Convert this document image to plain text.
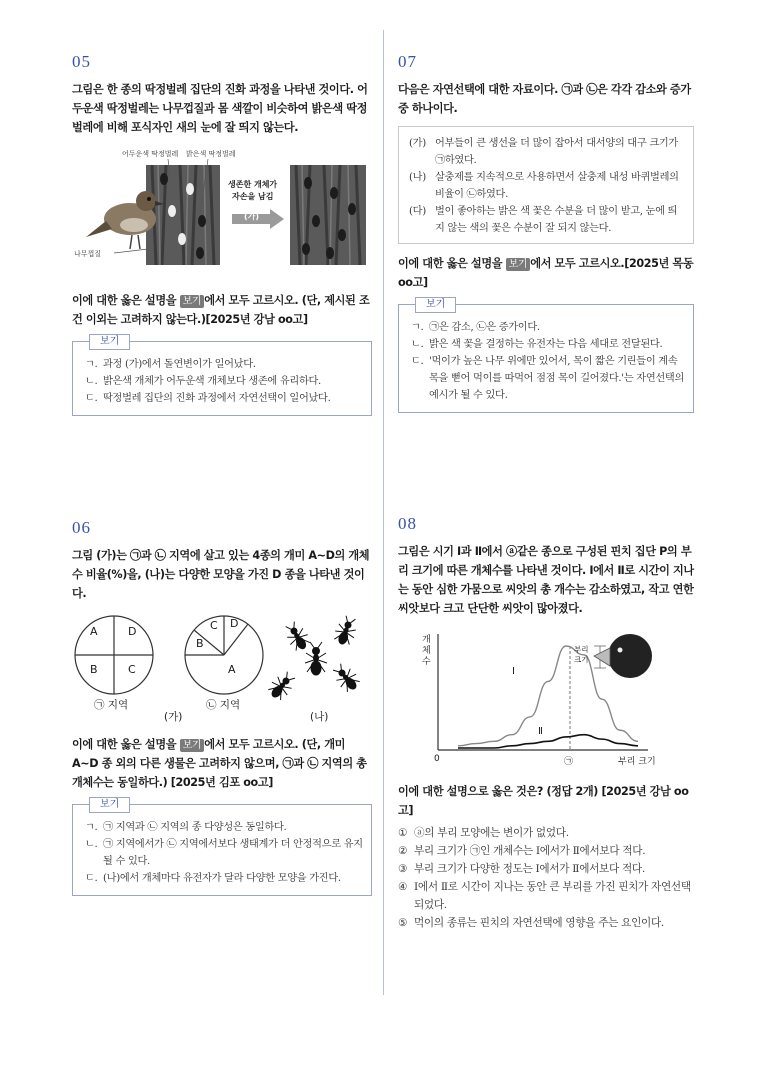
05
그림은 한 종의 딱정벌레 집단의 진화 과정을 나타낸 것이다. 어두운색 딱정벌레는 나무껍질과 몸 색깔이 비슷하여 밝은색 딱정벌레에 비해 포식자인 새의 눈에 잘 띄지 않는다.
어두운색 딱정벌레 밝은색 딱정벌레
나무껍질
생존한 개체가
자손을 남김
(가)
이에 대한 옳은 설명을 보기 에서 모두 고르시오. (단, 제시된 조건 이외는 고려하지 않는다.)[2025년 강남 oo고]
보기
ㄱ. 과정 (가)에서 돌연변이가 일어났다.
ㄴ. 밝은색 개체가 어두운색 개체보다 생존에 유리하다.
ㄷ. 딱정벌레 집단의 진화 과정에서 자연선택이 일어났다.
06
그림 (가)는 ㉠과 ㉡ 지역에 살고 있는 4종의 개미 A~D의 개체수 비율(%)을, (나)는 다양한 모양을 가진 D 종을 나타낸 것이다.
A	D
B	C
C D
B
A
㉠ 지역	㉡ 지역
(가)	(나)
이에 대한 옳은 설명을 보기 에서 모두 고르시오. (단, 개미 A~D 종 외의 다른 생물은 고려하지 않으며, ㉠과 ㉡ 지역의 총 개체수는 동일하다.) [2025년 김포 oo고]
보기
ㄱ. ㉠ 지역과 ㉡ 지역의 종 다양성은 동일하다.
ㄴ. ㉠ 지역에서가 ㉡ 지역에서보다 생태계가 더 안정적으로 유지될 수 있다.
ㄷ. (나)에서 개체마다 유전자가 달라 다양한 모양을 가진다.
07
다음은 자연선택에 대한 자료이다. ㉠과 ㉡은 각각 감소와 증가 중 하나이다.
(가) 어부들이 큰 생선을 더 많이 잡아서 대서양의 대구 크기가 ㉠하였다.
(나) 살충제를 지속적으로 사용하면서 살충제 내성 바퀴벌레의 비율이 ㉡하였다.
(다) 벌이 좋아하는 밝은 색 꽃은 수분을 더 많이 받고, 눈에 띄지 않는 색의 꽃은 수분이 잘 되지 않는다.
이에 대한 옳은 설명을 보기 에서 모두 고르시오.[2025년 목동 oo고]
보기
ㄱ. ㉠은 감소, ㉡은 증가이다.
ㄴ. 밝은 색 꽃을 결정하는 유전자는 다음 세대로 전달된다.
ㄷ. '먹이가 높은 나무 위에만 있어서, 목이 짧은 기린들이 계속 목을 뻗어 먹이를 따먹어 점점 목이 길어졌다.'는 자연선택의 예시가 될 수 있다.
08
그림은 시기 Ⅰ과 Ⅱ에서 ⓐ같은 종으로 구성된 핀치 집단 P의 부리 크기에 따른 개체수를 나타낸 것이다. Ⅰ에서 Ⅱ로 시간이 지나는 동안 심한 가뭄으로 씨앗의 총 개수는 감소하였고, 작고 연한 씨앗보다 크고 단단한 씨앗이 많아졌다.
개
체
수
0	㉠	부리 크기
Ⅰ
Ⅱ
부리
크기
이에 대한 설명으로 옳은 것은? (정답 2개) [2025년 강남 oo고]
① ⓐ의 부리 모양에는 변이가 없었다.
② 부리 크기가 ㉠인 개체수는 Ⅰ에서가 Ⅱ에서보다 적다.
③ 부리 크기가 다양한 정도는 Ⅰ에서가 Ⅱ에서보다 적다.
④ Ⅰ에서 Ⅱ로 시간이 지나는 동안 큰 부리를 가진 핀치가 자연선택 되었다.
⑤ 먹이의 종류는 핀치의 자연선택에 영향을 주는 요인이다.
